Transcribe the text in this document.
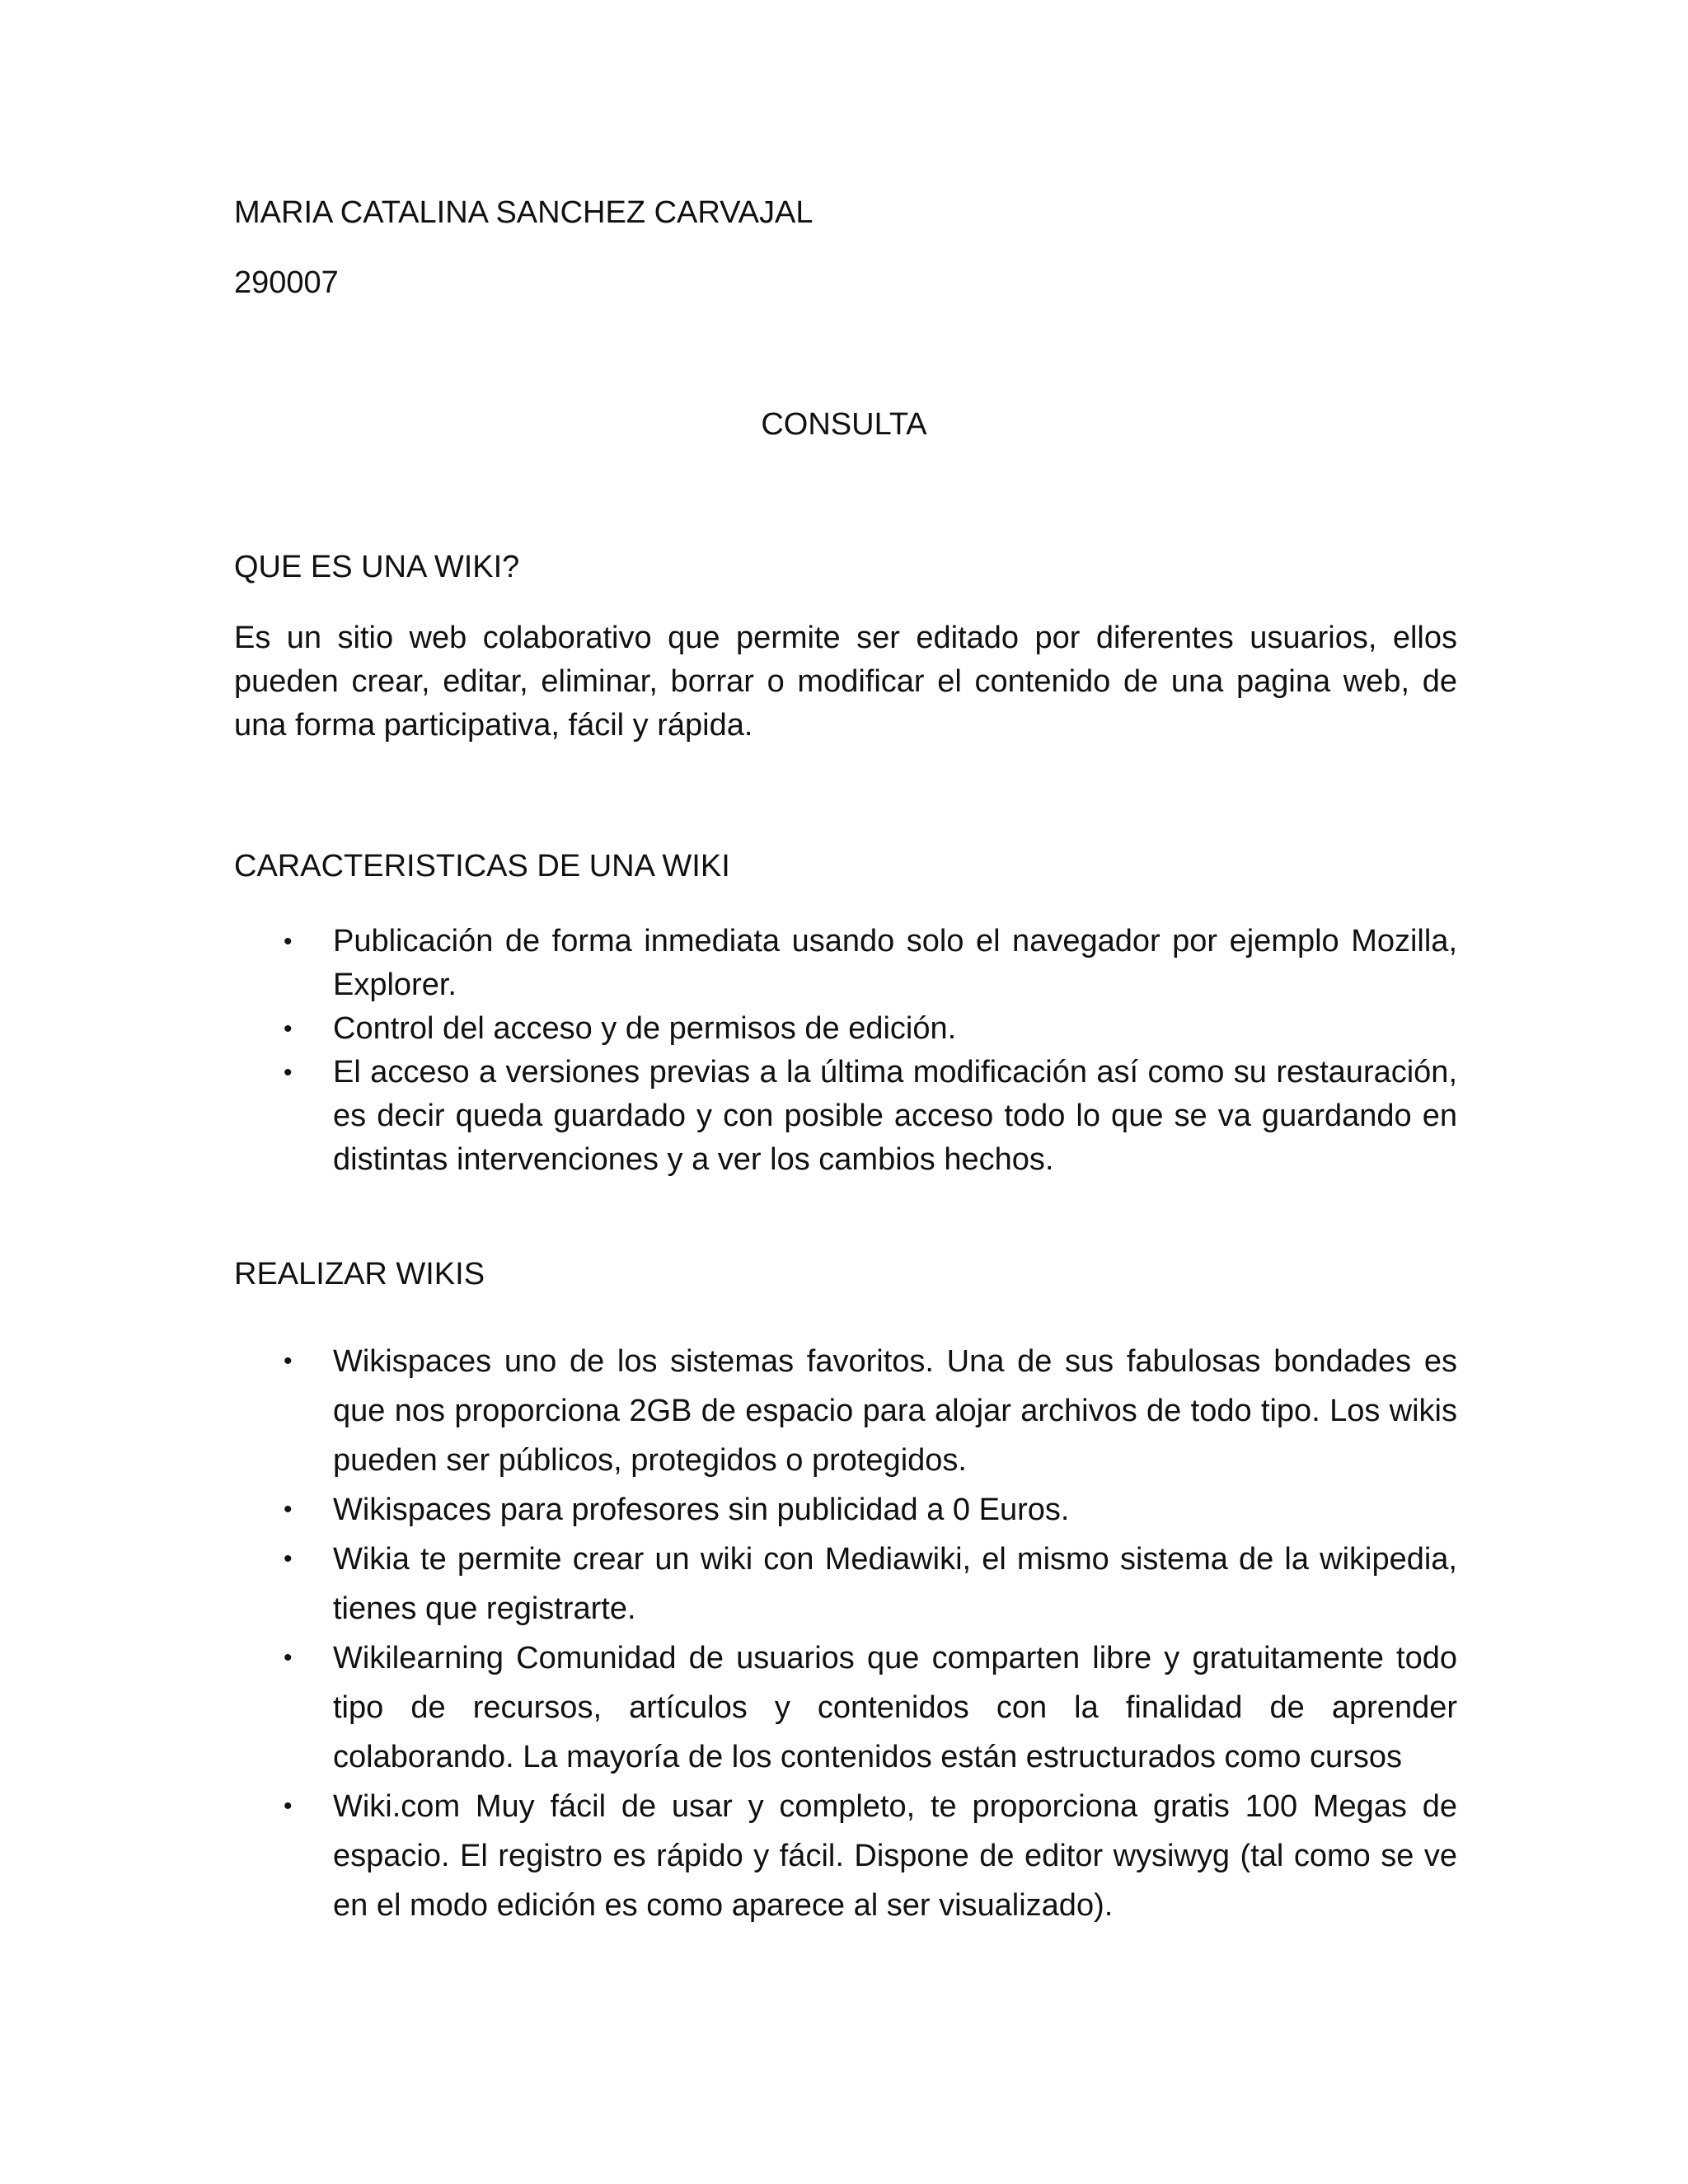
MARIA CATALINA SANCHEZ CARVAJAL
290007
CONSULTA
QUE ES UNA WIKI?
Es un sitio web colaborativo que permite ser editado por diferentes usuarios, ellos pueden crear, editar, eliminar, borrar o modificar el contenido de una pagina web, de una forma participativa, fácil y rápida.
CARACTERISTICAS DE UNA WIKI
• Publicación de forma inmediata usando solo el navegador por ejemplo Mozilla, Explorer.
• Control del acceso y de permisos de edición.
• El acceso a versiones previas a la última modificación así como su restauración, es decir queda guardado y con posible acceso todo lo que se va guardando en distintas intervenciones y a ver los cambios hechos.
REALIZAR WIKIS
• Wikispaces uno de los sistemas favoritos. Una de sus fabulosas bondades es que nos proporciona 2GB de espacio para alojar archivos de todo tipo. Los wikis pueden ser públicos, protegidos o protegidos.
• Wikispaces para profesores sin publicidad a 0 Euros.
• Wikia te permite crear un wiki con Mediawiki, el mismo sistema de la wikipedia, tienes que registrarte.
• Wikilearning Comunidad de usuarios que comparten libre y gratuitamente todo tipo de recursos, artículos y contenidos con la finalidad de aprender colaborando. La mayoría de los contenidos están estructurados como cursos
• Wiki.com Muy fácil de usar y completo, te proporciona gratis 100 Megas de espacio. El registro es rápido y fácil. Dispone de editor wysiwyg (tal como se ve en el modo edición es como aparece al ser visualizado).
